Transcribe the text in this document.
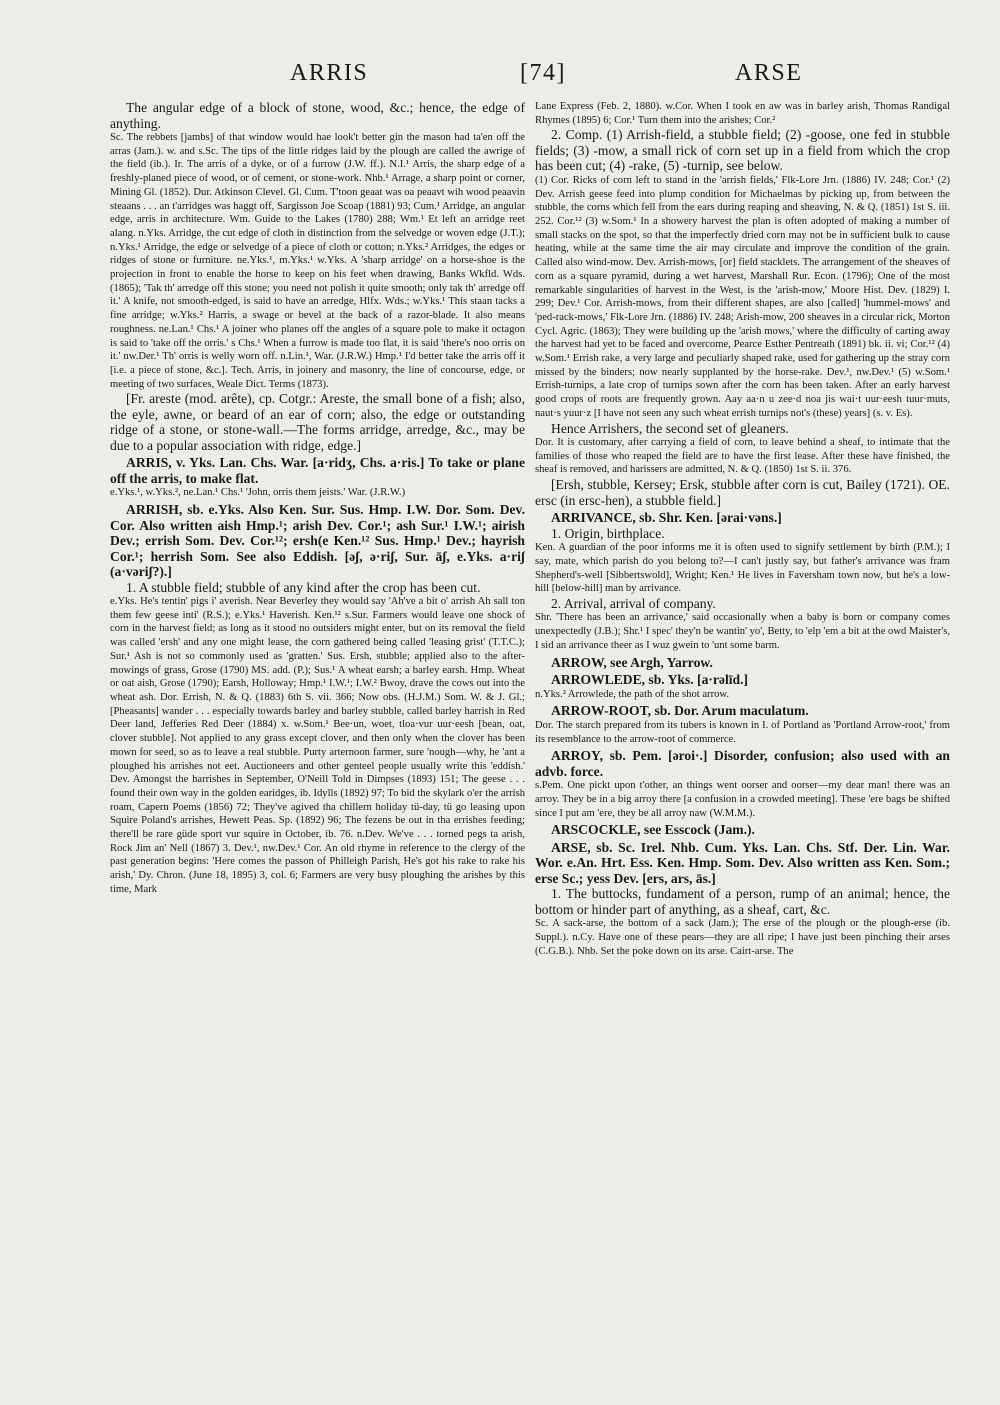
ARRIS	[74]	ARSE

The angular edge of a block of stone, wood, &c.; hence, the edge of anything.

Sc. The rebbets [jambs] of that window would hae look't better gin the mason had ta'en off the arras (Jam.). w. and s.Sc. The tips of the little ridges laid by the plough are called the awrige of the field (ib.). Ir. The arris of a dyke, or of a furrow (J.W. ff.). N.I.¹ Arris, the sharp edge of a freshly-planed piece of wood, or of cement, or stone-work. Nhb.¹ Arrage, a sharp point or corner, Mining Gl. (1852). Dur. Atkinson Clevel. Gl. Cum. T'toon geaat was oa peaavt wih wood peaavin steaans . . . an t'arridges was haggt off, Sargisson Joe Scoap (1881) 93; Cum.¹ Arridge, an angular edge, arris in architecture. Wm. Guide to the Lakes (1780) 288; Wm.¹ Et left an arridge reet alang. n.Yks. Arridge, the cut edge of cloth in distinction from the selvedge or woven edge (J.T.); n.Yks.¹ Arridge, the edge or selvedge of a piece of cloth or cotton; n.Yks.² Arridges, the edges or ridges of stone or furniture. ne.Yks.¹, m.Yks.¹ w.Yks. A 'sharp arridge' on a horse-shoe is the projection in front to enable the horse to keep on his feet when drawing, Banks Wkfld. Wds. (1865); 'Tak th' arredge off this stone; you need not polish it quite smooth; only tak th' arredge off it.' A knife, not smooth-edged, is said to have an arredge, Hlfx. Wds.; w.Yks.¹ This staan tacks a fine arridge; w.Yks.² Harris, a swage or bevel at the back of a razor-blade. It also means roughness. ne.Lan.¹ Chs.¹ A joiner who planes off the angles of a square pole to make it octagon is said to 'take off the orris.' s Chs.¹ When a furrow is made too flat, it is said 'there's noo orris on it.' nw.Der.¹ Th' orris is welly worn off. n.Lin.¹, War. (J.R.W.) Hmp.¹ I'd better take the arris off it [i.e. a piece of stone, &c.]. Tech. Arris, in joinery and masonry, the line of concourse, edge, or meeting of two surfaces, Weale Dict. Terms (1873).

[Fr. areste (mod. arête), cp. Cotgr.: Areste, the small bone of a fish; also, the eyle, awne, or beard of an ear of corn; also, the edge or outstanding ridge of a stone, or stone-wall.—The forms arridge, arredge, &c., may be due to a popular association with ridge, edge.]

ARRIS, v. Yks. Lan. Chs. War. [a·ridʒ, Chs. a·ris.] To take or plane off the arris, to make flat.

e.Yks.¹, w.Yks.², ne.Lan.¹ Chs.¹ 'John, orris them jeists.' War. (J.R.W.)

ARRISH, sb. e.Yks. Also Ken. Sur. Sus. Hmp. I.W. Dor. Som. Dev. Cor. Also written aish Hmp.¹; arish Dev. Cor.¹; ash Sur.¹ I.W.¹; airish Dev.; errish Som. Dev. Cor.¹²; ersh(e Ken.¹² Sus. Hmp.¹ Dev.; hayrish Cor.¹; herrish Som. See also Eddish. [əʃ, ə·riʃ, Sur. āʃ, e.Yks. a·riʃ (a·vəriʃ?).]

1. A stubble field; stubble of any kind after the crop has been cut.

e.Yks. He's tentin' pigs i' averish. Near Beverley they would say 'Ah've a bit o' arrish Ah sall ton them few geese inti' (R.S.); e.Yks.¹ Haverish. Ken.¹² s.Sur. Farmers would leave one shock of corn in the harvest field; as long as it stood no outsiders might enter, but on its removal the field was called 'ersh' and any one might lease, the corn gathered being called 'leasing grist' (T.T.C.); Sur.¹ Ash is not so commonly used as 'gratten.' Sus. Ersh, stubble; applied also to the after-mowings of grass, Grose (1790) MS. add. (P.); Sus.¹ A wheat earsh; a barley earsh. Hmp. Wheat or oat aish, Grose (1790); Earsh, Holloway; Hmp.¹ I.W.¹; I.W.² Bwoy, drave the cows out into the wheat ash. Dor. Errish, N. & Q. (1883) 6th S. vii. 366; Now obs. (H.J.M.) Som. W. & J. Gl.; [Pheasants] wander . . . especially towards barley and barley stubble, called barley harrish in Red Deer land, Jefferies Red Deer (1884) x. w.Som.¹ Bee·un, woet, tloa·vur uur·eesh [bean, oat, clover stubble]. Not applied to any grass except clover, and then only when the clover has been mown for seed, so as to leave a real stubble. Purty arternoon farmer, sure 'nough—why, he 'ant a ploughed his arrishes not eet. Auctioneers and other genteel people usually write this 'eddish.' Dev. Amongst the harrishes in September, O'Neill Told in Dimpses (1893) 151; The geese . . . found their own way in the golden earidges, ib. Idylls (1892) 97; To bid the skylark o'er the arrish roam, Capern Poems (1856) 72; They've agived tha chillern holiday tü-day, tü go leasing upon Squire Poland's arrishes, Hewett Peas. Sp. (1892) 96; The fezens be out in tha errishes feeding; there'll be rare güde sport vur squire in October, ib. 76. n.Dev. We've . . . torned pegs ta arish, Rock Jim an' Nell (1867) 3. Dev.¹, nw.Dev.¹ Cor. An old rhyme in reference to the clergy of the past generation begins: 'Here comes the passon of Philleigh Parish, He's got his rake to rake his arish,' Dy. Chron. (June 18, 1895) 3, col. 6; Farmers are very busy ploughing the arishes by this time, Mark

Lane Express (Feb. 2, 1880). w.Cor. When I took en aw was in barley arish, Thomas Randigal Rhymes (1895) 6; Cor.¹ Turn them into the arishes; Cor.²

2. Comp. (1) Arrish-field, a stubble field; (2) -goose, one fed in stubble fields; (3) -mow, a small rick of corn set up in a field from which the crop has been cut; (4) -rake, (5) -turnip, see below.

(1) Cor. Ricks of corn left to stand in the 'arrish fields,' Flk-Lore Jrn. (1886) IV. 248; Cor.¹ (2) Dev. Arrish geese feed into plump condition for Michaelmas by picking up, from between the stubble, the corns which fell from the ears during reaping and sheaving, N. & Q. (1851) 1st S. iii. 252. Cor.¹² (3) w.Som.¹ In a showery harvest the plan is often adopted of making a number of small stacks on the spot, so that the imperfectly dried corn may not be in sufficient bulk to cause heating, while at the same time the air may circulate and improve the condition of the grain. Called also wind-mow. Dev. Arrish-mows, [or] field stacklets. The arrangement of the sheaves of corn as a square pyramid, during a wet harvest, Marshall Rur. Econ. (1796); One of the most remarkable singularities of harvest in the West, is the 'arish-mow,' Moore Hist. Dev. (1829) I. 299; Dev.¹ Cor. Arrish-mows, from their different shapes, are also [called] 'hummel-mows' and 'ped-rack-mows,' Flk-Lore Jrn. (1886) IV. 248; Arish-mow, 200 sheaves in a circular rick, Morton Cycl. Agric. (1863); They were building up the 'arish mows,' where the difficulty of carting away the harvest had yet to be faced and overcome, Pearce Esther Pentreath (1891) bk. ii. vi; Cor.¹² (4) w.Som.¹ Errish rake, a very large and peculiarly shaped rake, used for gathering up the stray corn missed by the binders; now nearly supplanted by the horse-rake. Dev.¹, nw.Dev.¹ (5) w.Som.¹ Errish-turnips, a late crop of turnips sown after the corn has been taken. After an early harvest good crops of roots are frequently grown. Aay aa·n u zee·d noa jis wai·t uur·eesh tuur·muts, naut·s yuur·z [I have not seen any such wheat errish turnips not's (these) years] (s. v. Es).

Hence Arrishers, the second set of gleaners.

Dor. It is customary, after carrying a field of corn, to leave behind a sheaf, to intimate that the families of those who reaped the field are to have the first lease. After these have finished, the sheaf is removed, and harissers are admitted, N. & Q. (1850) 1st S. ii. 376.

[Ersh, stubble, Kersey; Ersk, stubble after corn is cut, Bailey (1721). OE. ersc (in ersc-hen), a stubble field.]

ARRIVANCE, sb. Shr. Ken. [ərai·vəns.]

1. Origin, birthplace.

Ken. A guardian of the poor informs me it is often used to signify settlement by birth (P.M.); I say, mate, which parish do you belong to?—I can't justly say, but father's arrivance was fram Shepherd's-well [Sibbertswold], Wright; Ken.¹ He lives in Faversham town now, but he's a low-hill [below-hill] man by arrivance.

2. Arrival, arrival of company.

Shr. 'There has been an arrivance,' said occasionally when a baby is born or company comes unexpectedly (J.B.); Shr.¹ I spec' they'n be wantin' yo', Betty, to 'elp 'em a bit at the owd Maister's, I sid an arrivance theer as I wuz gwein to 'unt some barm.

ARROW, see Argh, Yarrow.

ARROWLEDE, sb. Yks. [a·rəlīd.]

n.Yks.² Arrowlede, the path of the shot arrow.

ARROW-ROOT, sb. Dor. Arum maculatum.

Dor. The starch prepared from its tubers is known in I. of Portland as 'Portland Arrow-root,' from its resemblance to the arrow-root of commerce.

ARROY, sb. Pem. [əroi·.] Disorder, confusion; also used with an advb. force.

s.Pem. One pickt upon t'other, an things went oorser and oorser—my dear man! there was an arroy. They be in a big arroy there [a confusion in a crowded meeting]. These 'ere bags be shifted since I put am 'ere, they be all arroy naw (W.M.M.).

ARSCOCKLE, see Esscock (Jam.).

ARSE, sb. Sc. Irel. Nhb. Cum. Yks. Lan. Chs. Stf. Der. Lin. War. Wor. e.An. Hrt. Ess. Ken. Hmp. Som. Dev. Also written ass Ken. Som.; erse Sc.; yess Dev. [ers, ars, ās.]

1. The buttocks, fundament of a person, rump of an animal; hence, the bottom or hinder part of anything, as a sheaf, cart, &c.

Sc. A sack-arse, the bottom of a sack (Jam.); The erse of the plough or the plough-erse (ib. Suppl.). n.Cy. Have one of these pears—they are all ripe; I have just been pinching their arses (C.G.B.). Nhb. Set the poke down on its arse. Cairt-arse. The
